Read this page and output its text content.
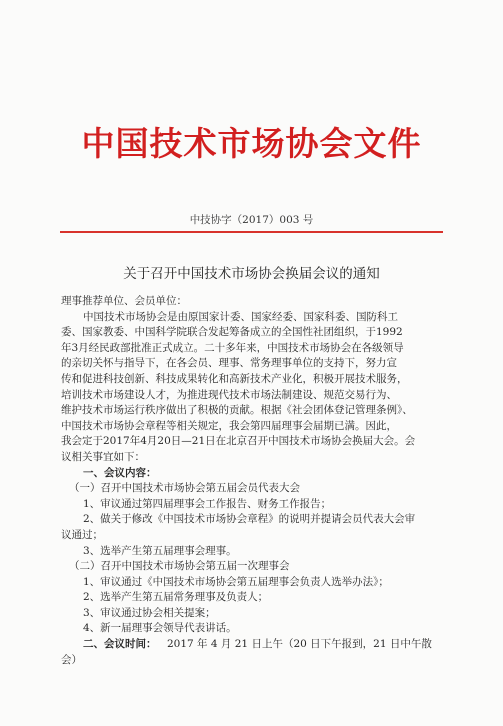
中国技术市场协会文件
中技协字（2017）003 号
关于召开中国技术市场协会换届会议的通知
理事推荐单位、会员单位：
中国技术市场协会是由原国家计委、国家经委、国家科委、国防科工
委、国家教委、中国科学院联合发起筹备成立的全国性社团组织，于1992
年3月经民政部批准正式成立。二十多年来，中国技术市场协会在各级领导
的亲切关怀与指导下，在各会员、理事、常务理事单位的支持下，努力宣
传和促进科技创新、科技成果转化和高新技术产业化，积极开展技术服务，
培训技术市场建设人才，为推进现代技术市场法制建设、规范交易行为、
维护技术市场运行秩序做出了积极的贡献。根据《社会团体登记管理条例》、
中国技术市场协会章程等相关规定，我会第四届理事会届期已满。因此，
我会定于2017年4月20日—21日在北京召开中国技术市场协会换届大会。会
议相关事宜如下：
一、会议内容：
（一）召开中国技术市场协会第五届会员代表大会
1、审议通过第四届理事会工作报告、财务工作报告；
2、做关于修改《中国技术市场协会章程》的说明并提请会员代表大会审
议通过；
3、选举产生第五届理事会理事。
（二）召开中国技术市场协会第五届一次理事会
1、审议通过《中国技术市场协会第五届理事会负责人选举办法》；
2、选举产生第五届常务理事及负责人；
3、审议通过协会相关提案；
4、新一届理事会领导代表讲话。
二、会议时间：  2017 年 4 月 21 日上午（20 日下午报到，21 日中午散
会）
